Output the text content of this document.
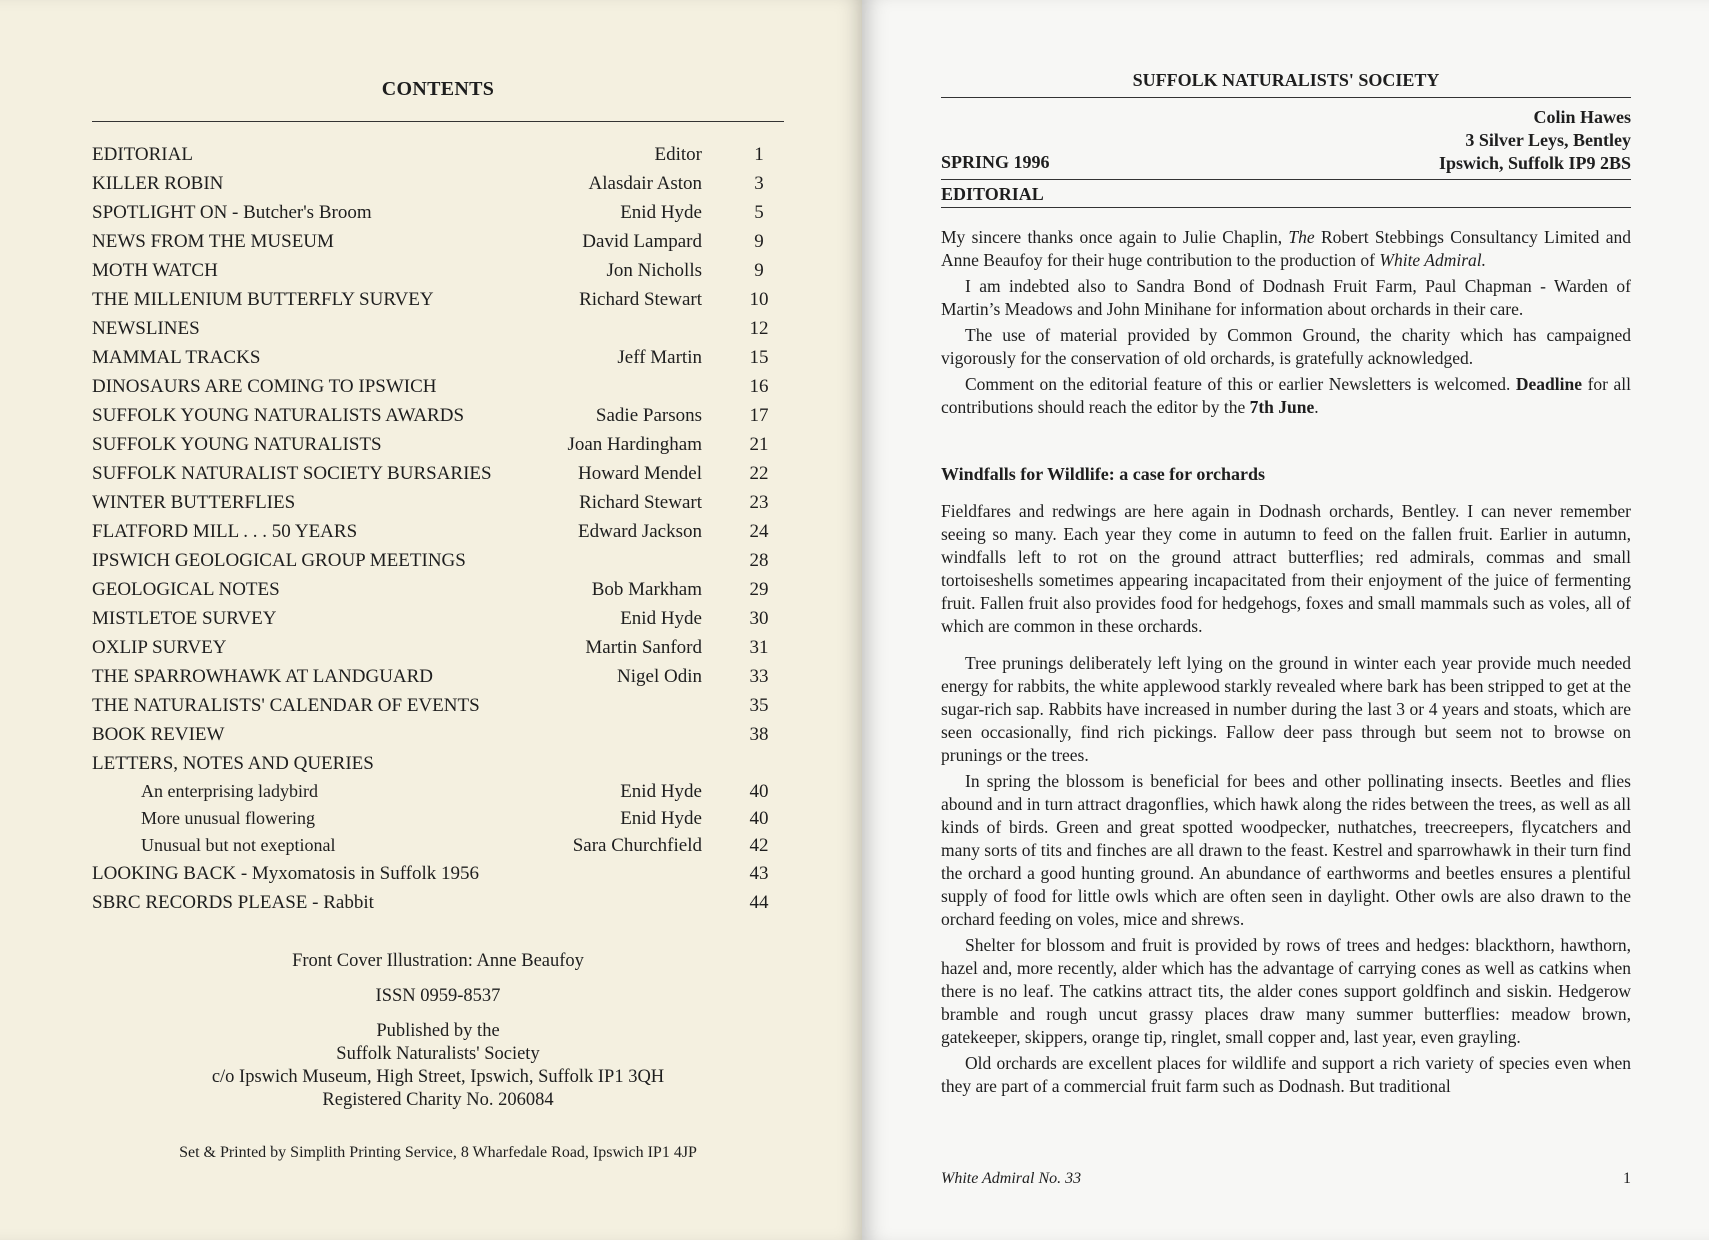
CONTENTS
EDITORIAL	Editor	1
KILLER ROBIN	Alasdair Aston	3
SPOTLIGHT ON - Butcher's Broom	Enid Hyde	5
NEWS FROM THE MUSEUM	David Lampard	9
MOTH WATCH	Jon Nicholls	9
THE MILLENIUM BUTTERFLY SURVEY	Richard Stewart	10
NEWSLINES	12
MAMMAL TRACKS	Jeff Martin	15
DINOSAURS ARE COMING TO IPSWICH	16
SUFFOLK YOUNG NATURALISTS AWARDS	Sadie Parsons	17
SUFFOLK YOUNG NATURALISTS	Joan Hardingham	21
SUFFOLK NATURALIST SOCIETY BURSARIES	Howard Mendel	22
WINTER BUTTERFLIES	Richard Stewart	23
FLATFORD MILL . . . 50 YEARS	Edward Jackson	24
IPSWICH GEOLOGICAL GROUP MEETINGS	28
GEOLOGICAL NOTES	Bob Markham	29
MISTLETOE SURVEY	Enid Hyde	30
OXLIP SURVEY	Martin Sanford	31
THE SPARROWHAWK AT LANDGUARD	Nigel Odin	33
THE NATURALISTS' CALENDAR OF EVENTS	35
BOOK REVIEW	38
LETTERS, NOTES AND QUERIES
An enterprising ladybird	Enid Hyde	40
More unusual flowering	Enid Hyde	40
Unusual but not exeptional	Sara Churchfield	42
LOOKING BACK - Myxomatosis in Suffolk 1956	43
SBRC RECORDS PLEASE - Rabbit	44

Front Cover Illustration: Anne Beaufoy

ISSN 0959-8537

Published by the
Suffolk Naturalists' Society
c/o Ipswich Museum, High Street, Ipswich, Suffolk IP1 3QH
Registered Charity No. 206084
Set & Printed by Simplith Printing Service, 8 Wharfedale Road, Ipswich IP1 4JP
SUFFOLK NATURALISTS' SOCIETY
Colin Hawes
3 Silver Leys, Bentley
Ipswich, Suffolk IP9 2BS
SPRING 1996
EDITORIAL

My sincere thanks once again to Julie Chaplin, The Robert Stebbings Consultancy Limited and Anne Beaufoy for their huge contribution to the production of White Admiral.

I am indebted also to Sandra Bond of Dodnash Fruit Farm, Paul Chapman - Warden of Martin’s Meadows and John Minihane for information about orchards in their care.

The use of material provided by Common Ground, the charity which has campaigned vigorously for the conservation of old orchards, is gratefully acknowledged.

Comment on the editorial feature of this or earlier Newsletters is welcomed. Deadline for all contributions should reach the editor by the 7th June.

Windfalls for Wildlife: a case for orchards

Fieldfares and redwings are here again in Dodnash orchards, Bentley. I can never remember seeing so many. Each year they come in autumn to feed on the fallen fruit. Earlier in autumn, windfalls left to rot on the ground attract butterflies; red admirals, commas and small tortoiseshells sometimes appearing incapacitated from their enjoyment of the juice of fermenting fruit. Fallen fruit also provides food for hedgehogs, foxes and small mammals such as voles, all of which are common in these orchards.

Tree prunings deliberately left lying on the ground in winter each year provide much needed energy for rabbits, the white applewood starkly revealed where bark has been stripped to get at the sugar-rich sap. Rabbits have increased in number during the last 3 or 4 years and stoats, which are seen occasionally, find rich pickings. Fallow deer pass through but seem not to browse on prunings or the trees.

In spring the blossom is beneficial for bees and other pollinating insects. Beetles and flies abound and in turn attract dragonflies, which hawk along the rides between the trees, as well as all kinds of birds. Green and great spotted woodpecker, nuthatches, treecreepers, flycatchers and many sorts of tits and finches are all drawn to the feast. Kestrel and sparrowhawk in their turn find the orchard a good hunting ground. An abundance of earthworms and beetles ensures a plentiful supply of food for little owls which are often seen in daylight. Other owls are also drawn to the orchard feeding on voles, mice and shrews.

Shelter for blossom and fruit is provided by rows of trees and hedges: blackthorn, hawthorn, hazel and, more recently, alder which has the advantage of carrying cones as well as catkins when there is no leaf. The catkins attract tits, the alder cones support goldfinch and siskin. Hedgerow bramble and rough uncut grassy places draw many summer butterflies: meadow brown, gatekeeper, skippers, orange tip, ringlet, small copper and, last year, even grayling.

Old orchards are excellent places for wildlife and support a rich variety of species even when they are part of a commercial fruit farm such as Dodnash. But traditional

White Admiral No. 33	1
